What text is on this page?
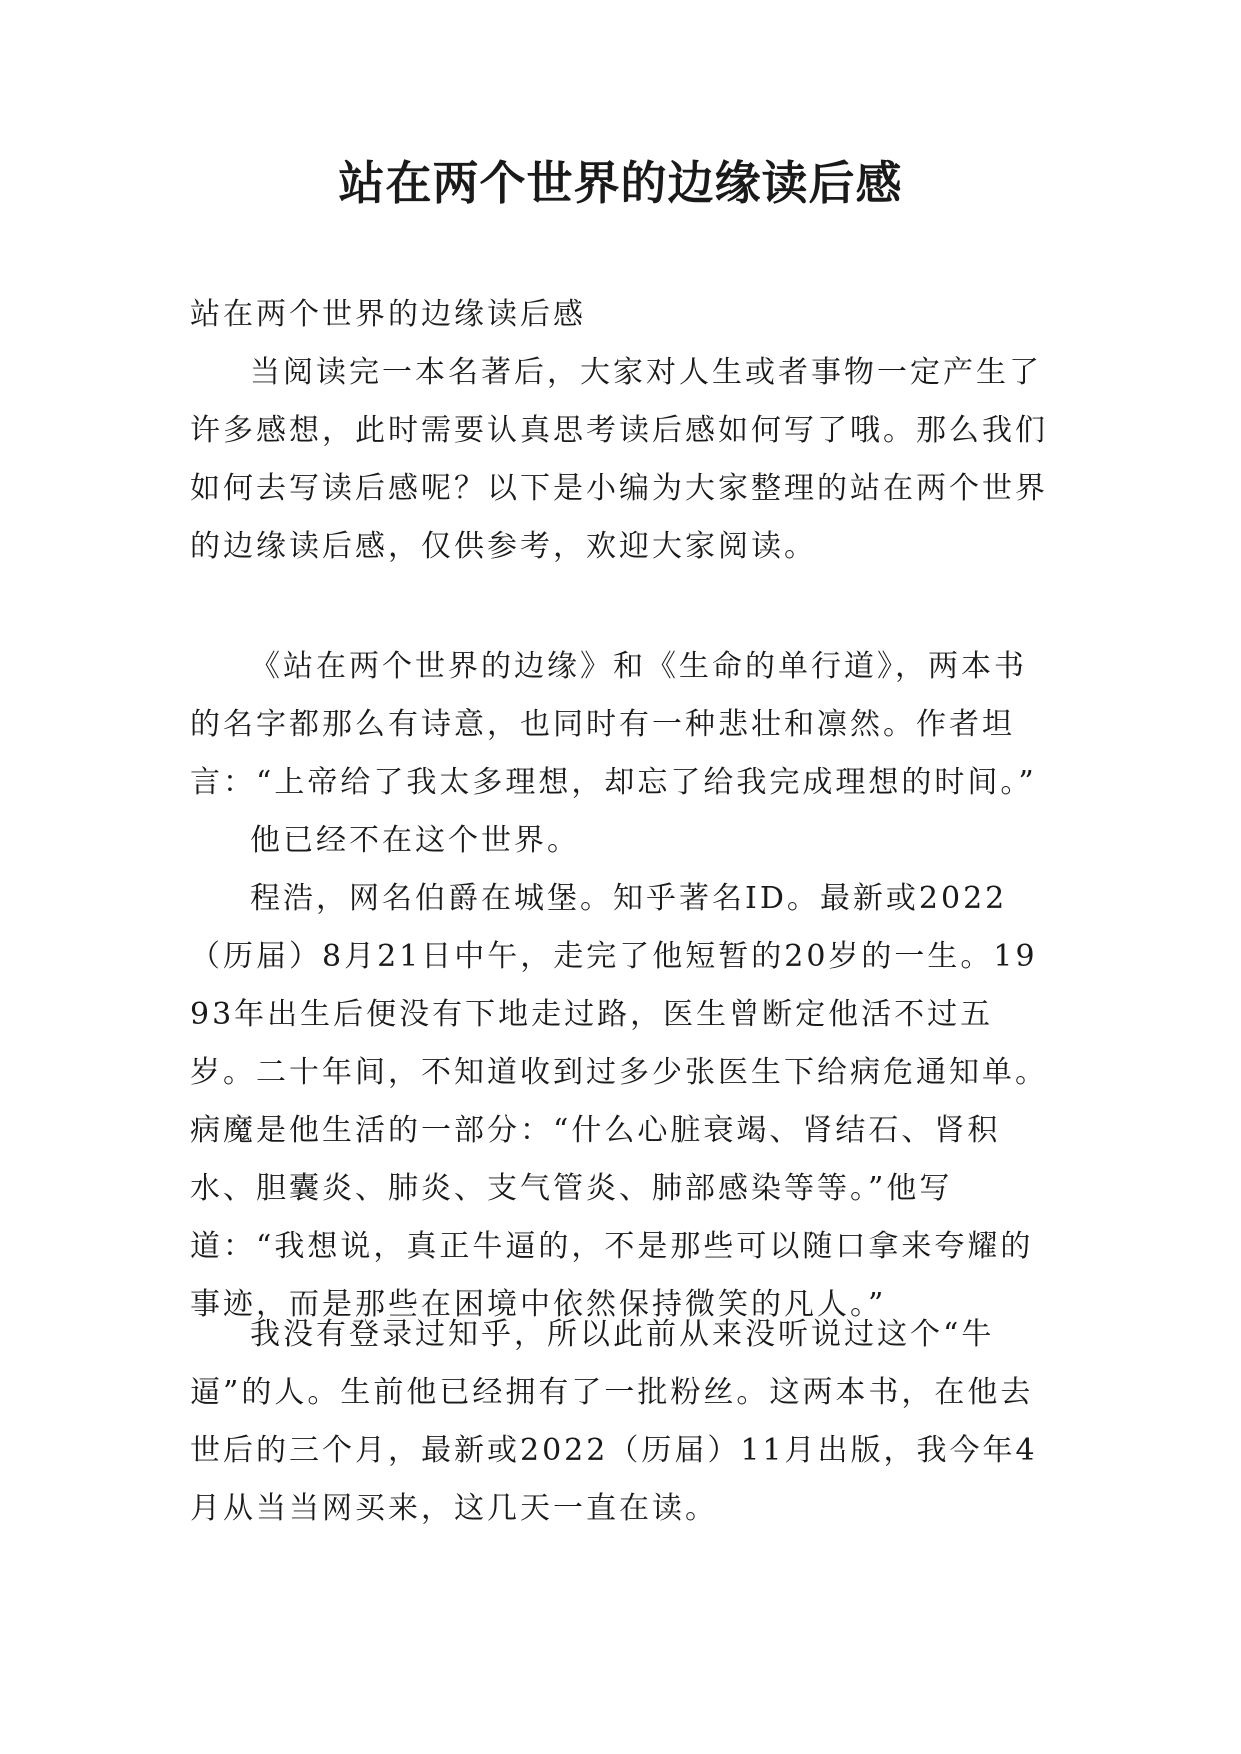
站在两个世界的边缘读后感

站在两个世界的边缘读后感

当阅读完一本名著后，大家对人生或者事物一定产生了许多感想，此时需要认真思考读后感如何写了哦。那么我们如何去写读后感呢？以下是小编为大家整理的站在两个世界的边缘读后感，仅供参考，欢迎大家阅读。

《站在两个世界的边缘》和《生命的单行道》，两本书的名字都那么有诗意，也同时有一种悲壮和凛然。作者坦言：“上帝给了我太多理想，却忘了给我完成理想的时间。”

他已经不在这个世界。

程浩，网名伯爵在城堡。知乎著名ID。最新或2022（历届）8月21日中午，走完了他短暂的20岁的一生。1993年出生后便没有下地走过路，医生曾断定他活不过五岁。二十年间，不知道收到过多少张医生下给病危通知单。病魔是他生活的一部分：“什么心脏衰竭、肾结石、肾积水、胆囊炎、肺炎、支气管炎、肺部感染等等。”他写道：“我想说，真正牛逼的，不是那些可以随口拿来夸耀的事迹，而是那些在困境中依然保持微笑的凡人。”

我没有登录过知乎，所以此前从来没听说过这个“牛逼”的人。生前他已经拥有了一批粉丝。这两本书，在他去世后的三个月，最新或2022（历届）11月出版，我今年4月从当当网买来，这几天一直在读。
